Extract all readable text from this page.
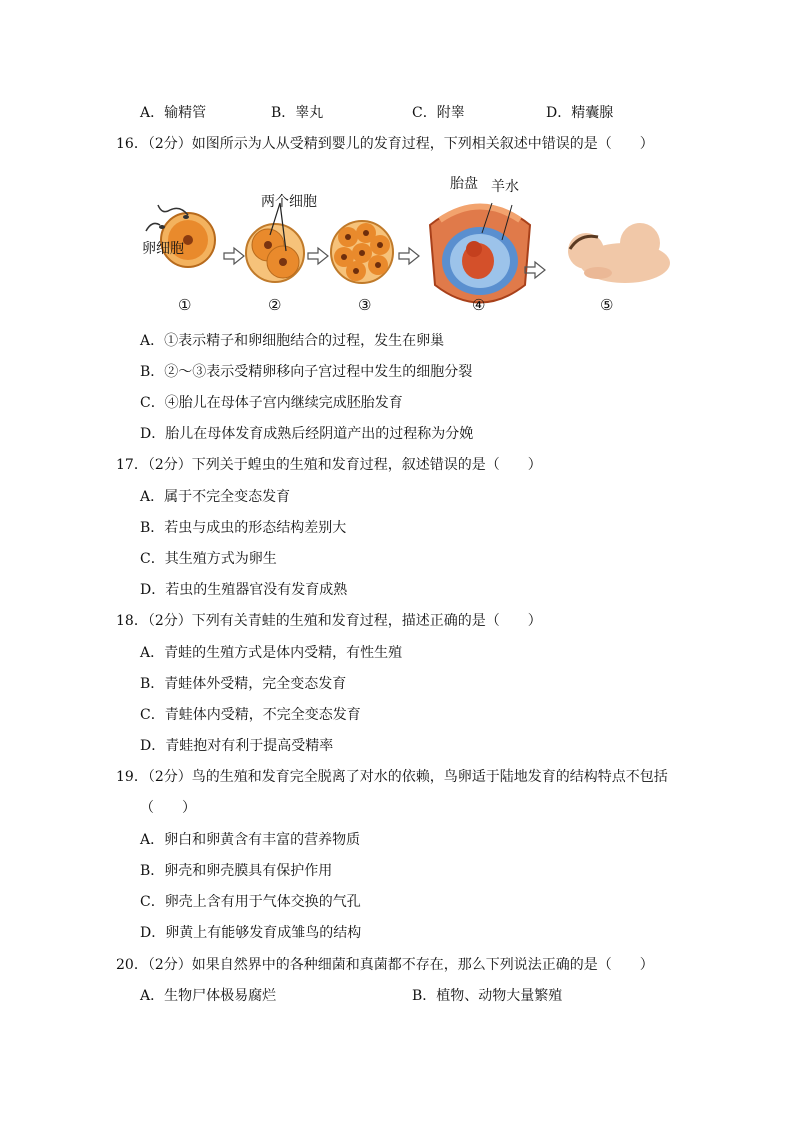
A．输精管	B．睾丸	C．附睾	D．精囊腺
16．（2分）如图所示为人从受精到婴儿的发育过程，下列相关叙述中错误的是（　　）
卵细胞
两个细胞
胎盘 羊水
①	②	③	④	⑤
A．①表示精子和卵细胞结合的过程，发生在卵巢
B．②～③表示受精卵移向子宫过程中发生的细胞分裂
C．④胎儿在母体子宫内继续完成胚胎发育
D．胎儿在母体发育成熟后经阴道产出的过程称为分娩
17．（2分）下列关于蝗虫的生殖和发育过程，叙述错误的是（　　）
A．属于不完全变态发育
B．若虫与成虫的形态结构差别大
C．其生殖方式为卵生
D．若虫的生殖器官没有发育成熟
18．（2分）下列有关青蛙的生殖和发育过程，描述正确的是（　　）
A．青蛙的生殖方式是体内受精，有性生殖
B．青蛙体外受精，完全变态发育
C．青蛙体内受精，不完全变态发育
D．青蛙抱对有利于提高受精率
19．（2分）鸟的生殖和发育完全脱离了对水的依赖，鸟卵适于陆地发育的结构特点不包括
（　　）
A．卵白和卵黄含有丰富的营养物质
B．卵壳和卵壳膜具有保护作用
C．卵壳上含有用于气体交换的气孔
D．卵黄上有能够发育成雏鸟的结构
20．（2分）如果自然界中的各种细菌和真菌都不存在，那么下列说法正确的是（　　）
A．生物尸体极易腐烂	B．植物、动物大量繁殖
